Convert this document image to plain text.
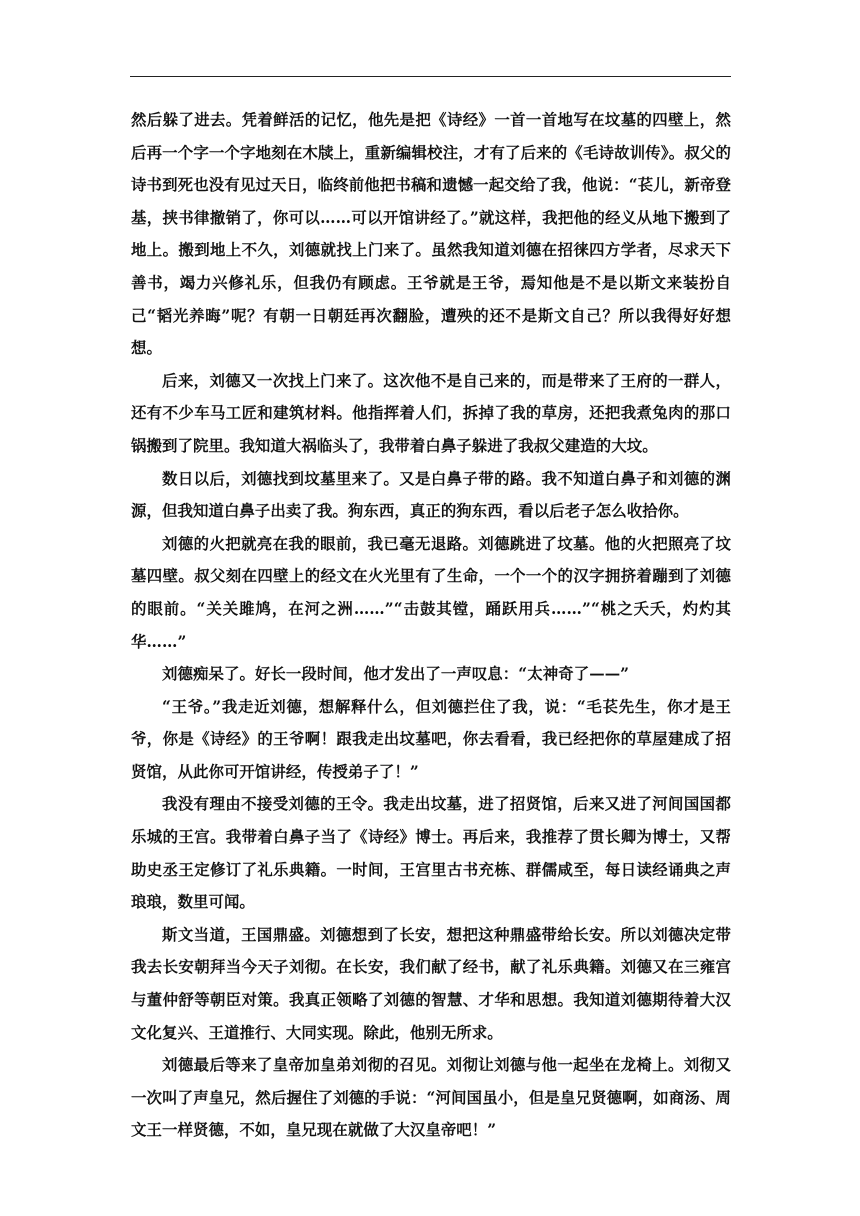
然后躲了进去。凭着鲜活的记忆，他先是把《诗经》一首一首地写在坟墓的四壁上，然后再一个字一个字地刻在木牍上，重新编辑校注，才有了后来的《毛诗故训传》。叔父的诗书到死也没有见过天日，临终前他把书稿和遗憾一起交给了我，他说：“苌儿，新帝登基，挟书律撤销了，你可以……可以开馆讲经了。”就这样，我把他的经义从地下搬到了地上。搬到地上不久，刘德就找上门来了。虽然我知道刘德在招徕四方学者，尽求天下善书，竭力兴修礼乐，但我仍有顾虑。王爷就是王爷，焉知他是不是以斯文来装扮自己“韬光养晦”呢？有朝一日朝廷再次翻脸，遭殃的还不是斯文自己？所以我得好好想想。

后来，刘德又一次找上门来了。这次他不是自己来的，而是带来了王府的一群人，还有不少车马工匠和建筑材料。他指挥着人们，拆掉了我的草房，还把我煮兔肉的那口锅搬到了院里。我知道大祸临头了，我带着白鼻子躲进了我叔父建造的大坟。

数日以后，刘德找到坟墓里来了。又是白鼻子带的路。我不知道白鼻子和刘德的渊源，但我知道白鼻子出卖了我。狗东西，真正的狗东西，看以后老子怎么收拾你。

刘德的火把就亮在我的眼前，我已毫无退路。刘德跳进了坟墓。他的火把照亮了坟墓四壁。叔父刻在四壁上的经文在火光里有了生命，一个一个的汉字拥挤着蹦到了刘德的眼前。“关关雎鸠，在河之洲……”“击鼓其镗，踊跃用兵……”“桃之夭夭，灼灼其华……”

刘德痴呆了。好长一段时间，他才发出了一声叹息：“太神奇了——”

“王爷。”我走近刘德，想解释什么，但刘德拦住了我，说：“毛苌先生，你才是王爷，你是《诗经》的王爷啊！跟我走出坟墓吧，你去看看，我已经把你的草屋建成了招贤馆，从此你可开馆讲经，传授弟子了！”

我没有理由不接受刘德的王令。我走出坟墓，进了招贤馆，后来又进了河间国国都乐城的王宫。我带着白鼻子当了《诗经》博士。再后来，我推荐了贯长卿为博士，又帮助史丞王定修订了礼乐典籍。一时间，王宫里古书充栋、群儒咸至，每日读经诵典之声琅琅，数里可闻。

斯文当道，王国鼎盛。刘德想到了长安，想把这种鼎盛带给长安。所以刘德决定带我去长安朝拜当今天子刘彻。在长安，我们献了经书，献了礼乐典籍。刘德又在三雍宫与董仲舒等朝臣对策。我真正领略了刘德的智慧、才华和思想。我知道刘德期待着大汉文化复兴、王道推行、大同实现。除此，他别无所求。

刘德最后等来了皇帝加皇弟刘彻的召见。刘彻让刘德与他一起坐在龙椅上。刘彻又一次叫了声皇兄，然后握住了刘德的手说：“河间国虽小，但是皇兄贤德啊，如商汤、周文王一样贤德，不如，皇兄现在就做了大汉皇帝吧！”
